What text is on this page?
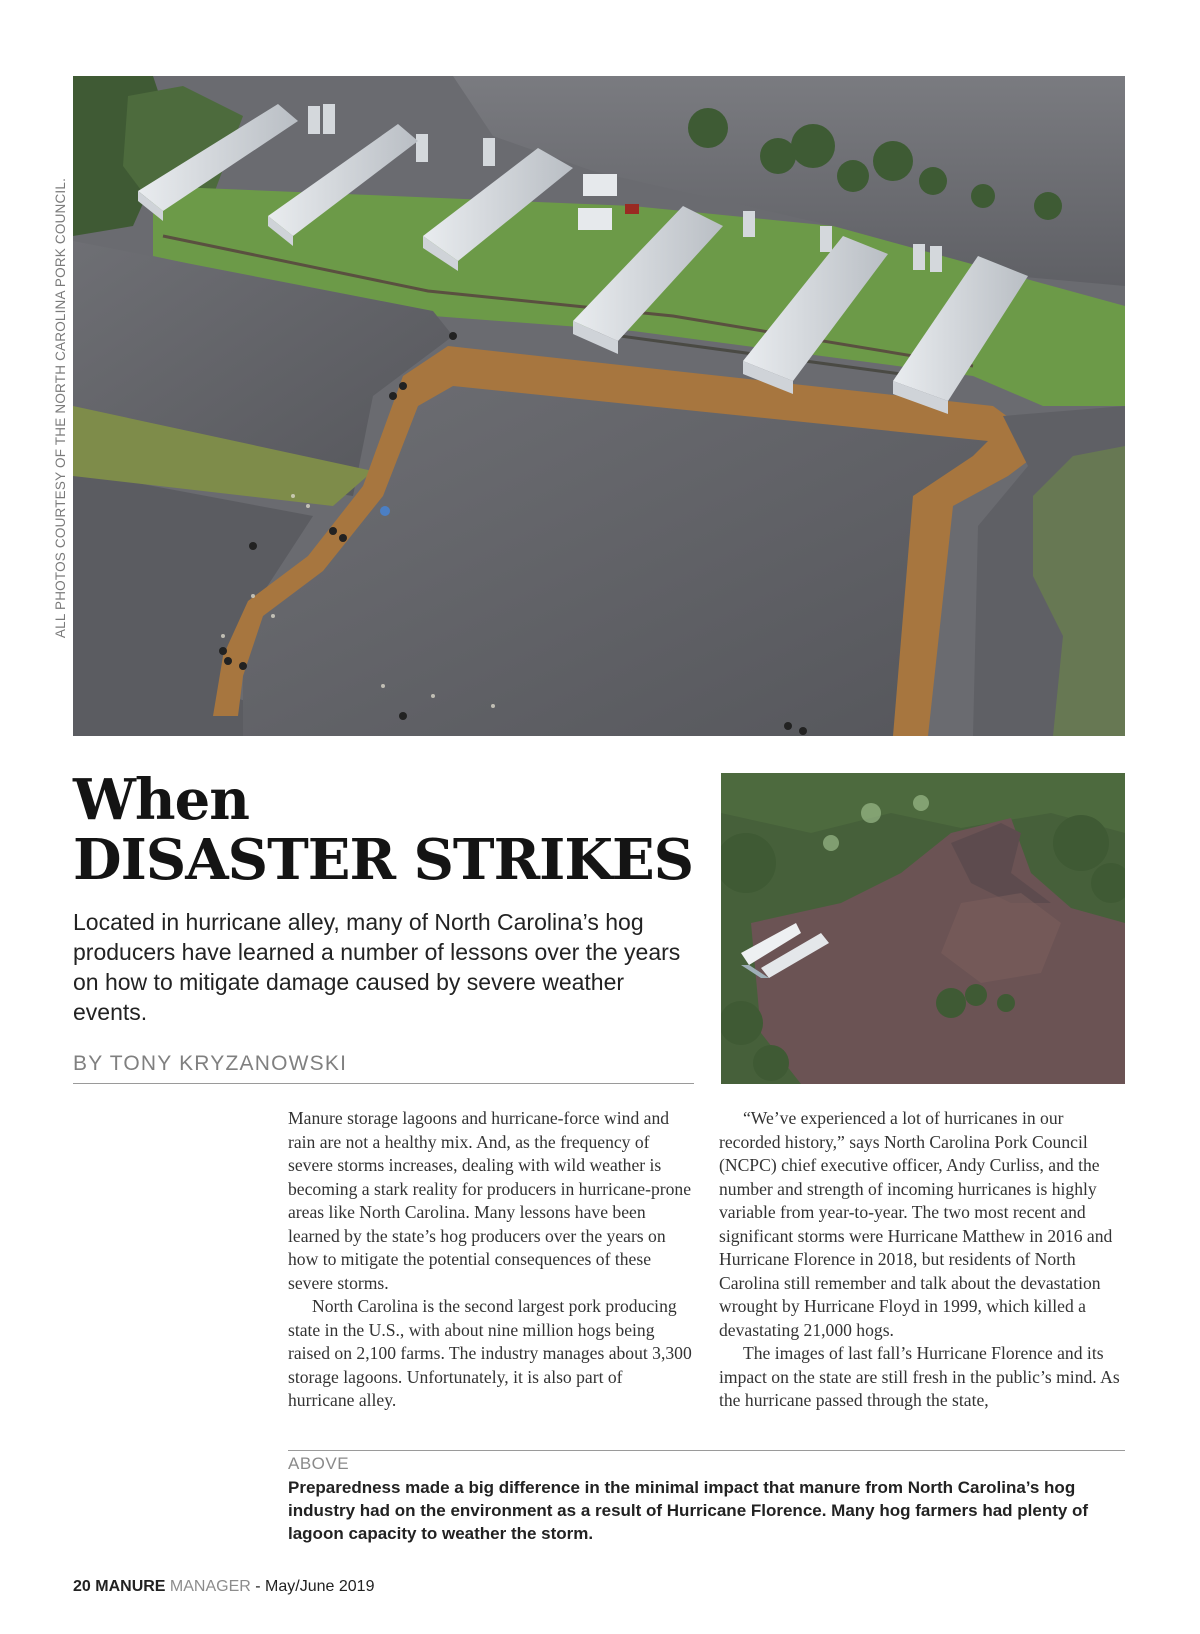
ALL PHOTOS COURTESY OF THE NORTH CAROLINA PORK COUNCIL.
When
DISASTER STRIKES

Located in hurricane alley, many of North Carolina’s hog producers have learned a number of lessons over the years on how to mitigate damage caused by severe weather events.

BY TONY KRYZANOWSKI

Manure storage lagoons and hurricane-force wind and rain are not a healthy mix. And, as the frequency of severe storms increases, dealing with wild weather is becoming a stark reality for producers in hurricane-prone areas like North Carolina. Many lessons have been learned by the state’s hog producers over the years on how to mitigate the potential consequences of these severe storms.

North Carolina is the second largest pork producing state in the U.S., with about nine million hogs being raised on 2,100 farms. The industry manages about 3,300 storage lagoons. Unfortunately, it is also part of hurricane alley.

“We’ve experienced a lot of hurricanes in our recorded history,” says North Carolina Pork Council (NCPC) chief executive officer, Andy Curliss, and the number and strength of incoming hurricanes is highly variable from year-to-year. The two most recent and significant storms were Hurricane Matthew in 2016 and Hurricane Florence in 2018, but residents of North Carolina still remember and talk about the devastation wrought by Hurricane Floyd in 1999, which killed a devastating 21,000 hogs.

The images of last fall’s Hurricane Florence and its impact on the state are still fresh in the public’s mind. As the hurricane passed through the state,

ABOVE

Preparedness made a big difference in the minimal impact that manure from North Carolina’s hog industry had on the environment as a result of Hurricane Florence. Many hog farmers had plenty of lagoon capacity to weather the storm.

20 MANURE MANAGER - May/June 2019
